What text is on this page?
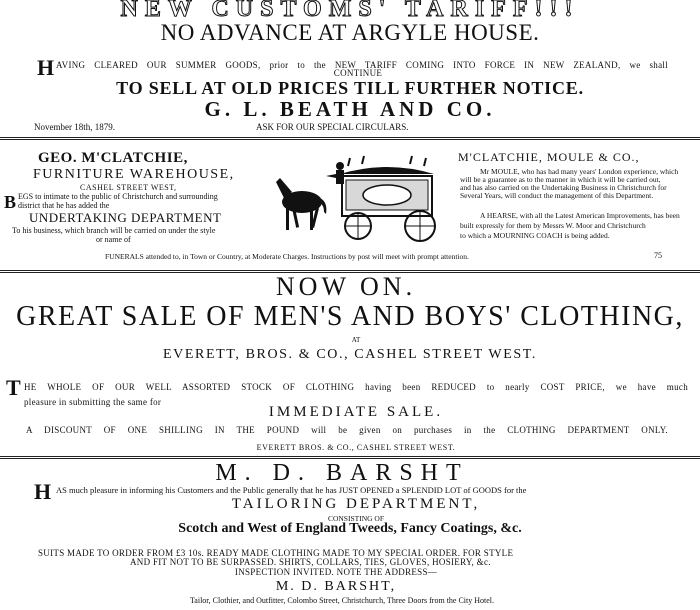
NEW CUSTOMS' TARIFF!!!
NO ADVANCE AT ARGYLE HOUSE.
H AVING CLEARED OUR SUMMER GOODS, prior to the NEW TARIFF COMING INTO FORCE IN NEW ZEALAND, we shall
CONTINUE
TO SELL AT OLD PRICES TILL FURTHER NOTICE.
G. L. BEATH AND CO.
November 18th, 1879.	ASK FOR OUR SPECIAL CIRCULARS.
GEO. M'CLATCHIE,
FURNITURE WAREHOUSE,
CASHEL STREET WEST,
B EGS to intimate to the public of Christchurch and surrounding
district that he has added the
UNDERTAKING DEPARTMENT
To his business, which branch will be carried on under the style
or name of
M'CLATCHIE, MOULE & CO.,
Mr MOULE, who has had many years' London experience, which
will be a guarantee as to the manner in which it will be carried out,
and has also carried on the Undertaking Business in Christchurch for
Several Years, will conduct the management of this Department.
A HEARSE, with all the Latest American Improvements, has been
built expressly for them by Messrs W. Moor and Christchurch
to which a MOURNING COACH is being added.
FUNERALS attended to, in Town or Country, at Moderate Charges. Instructions by post will meet with prompt attention.	75
NOW ON.
GREAT SALE OF MEN'S AND BOYS' CLOTHING,
AT
EVERETT, BROS. & CO., CASHEL STREET WEST.
T HE WHOLE OF OUR WELL ASSORTED STOCK OF CLOTHING having been REDUCED to nearly COST PRICE, we have much
pleasure in submitting the same for
IMMEDIATE SALE.
A DISCOUNT OF ONE SHILLING IN THE POUND will be given on purchases in the CLOTHING DEPARTMENT ONLY.
EVERETT BROS. & CO., CASHEL STREET WEST.
M. D. BARSHT
H AS much pleasure in informing his Customers and the Public generally that he has JUST OPENED a SPLENDID LOT of GOODS for the
TAILORING DEPARTMENT,
CONSISTING OF
Scotch and West of England Tweeds, Fancy Coatings, &c.
SUITS MADE TO ORDER FROM £3 10s. READY MADE CLOTHING MADE TO MY SPECIAL ORDER. FOR STYLE
AND FIT NOT TO BE SURPASSED. SHIRTS, COLLARS, TIES, GLOVES, HOSIERY, &c.
INSPECTION INVITED. NOTE THE ADDRESS—
M. D. BARSHT,
Tailor, Clothier, and Outfitter, Colombo Street, Christchurch, Three Doors from the City Hotel.
